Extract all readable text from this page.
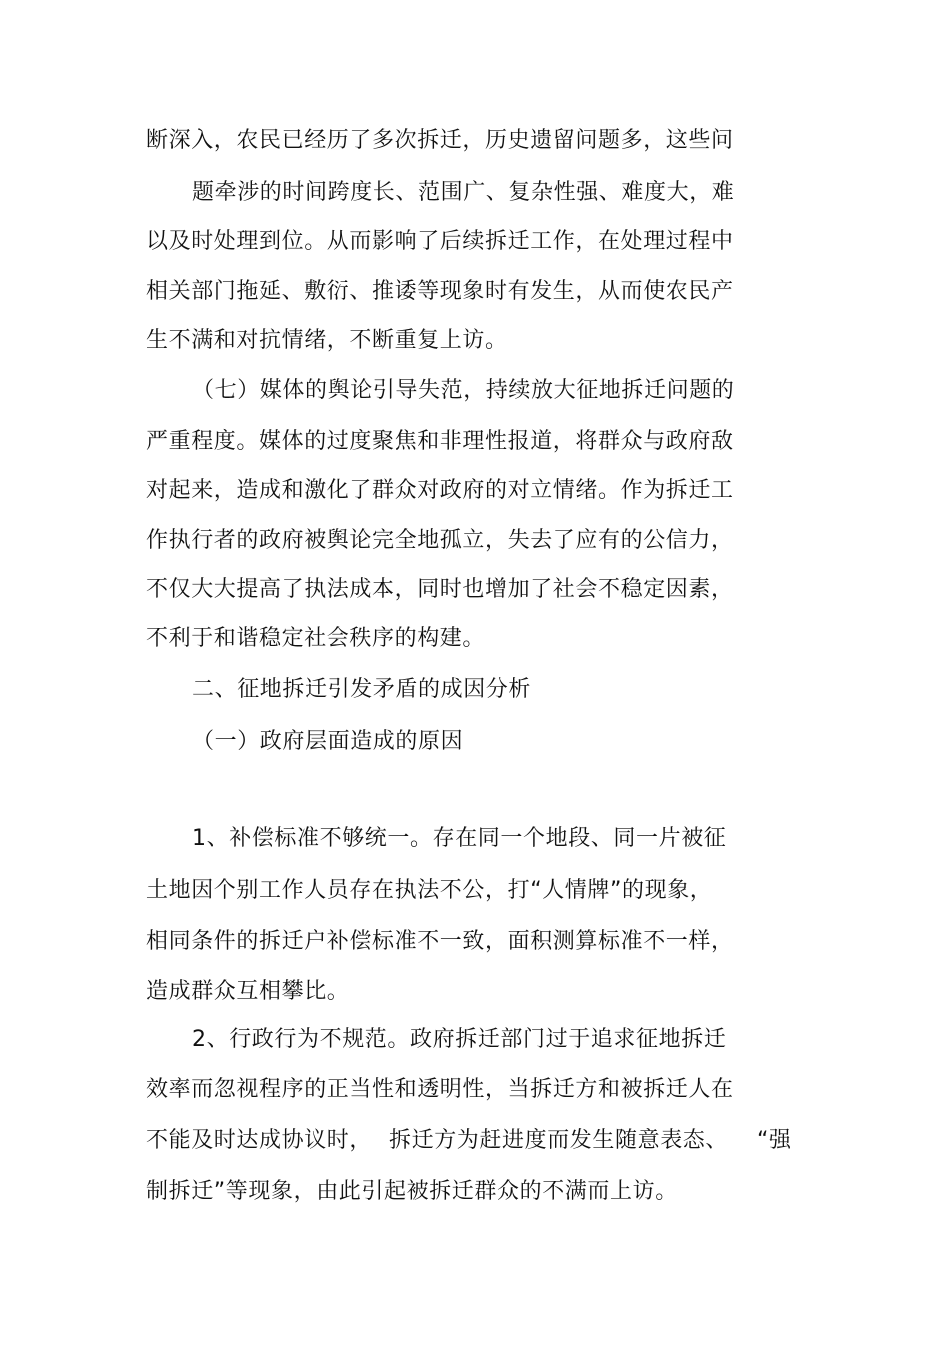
断深入，农民已经历了多次拆迁，历史遗留问题多，这些问
题牵涉的时间跨度长、范围广、复杂性强、难度大，难
以及时处理到位。从而影响了后续拆迁工作，在处理过程中
相关部门拖延、敷衍、推诿等现象时有发生，从而使农民产
生不满和对抗情绪，不断重复上访。
（七）媒体的舆论引导失范，持续放大征地拆迁问题的
严重程度。媒体的过度聚焦和非理性报道，将群众与政府敌
对起来，造成和激化了群众对政府的对立情绪。作为拆迁工
作执行者的政府被舆论完全地孤立，失去了应有的公信力，
不仅大大提高了执法成本，同时也增加了社会不稳定因素，
不利于和谐稳定社会秩序的构建。
二、征地拆迁引发矛盾的成因分析
（一）政府层面造成的原因
1、补偿标准不够统一。存在同一个地段、同一片被征
土地因个别工作人员存在执法不公，打“人情牌”的现象，
相同条件的拆迁户补偿标准不一致，面积测算标准不一样，
造成群众互相攀比。
2、行政行为不规范。政府拆迁部门过于追求征地拆迁
效率而忽视程序的正当性和透明性，当拆迁方和被拆迁人在
不能及时达成协议时， 拆迁方为赶进度而发生随意表态、 “强
制拆迁”等现象，由此引起被拆迁群众的不满而上访。
